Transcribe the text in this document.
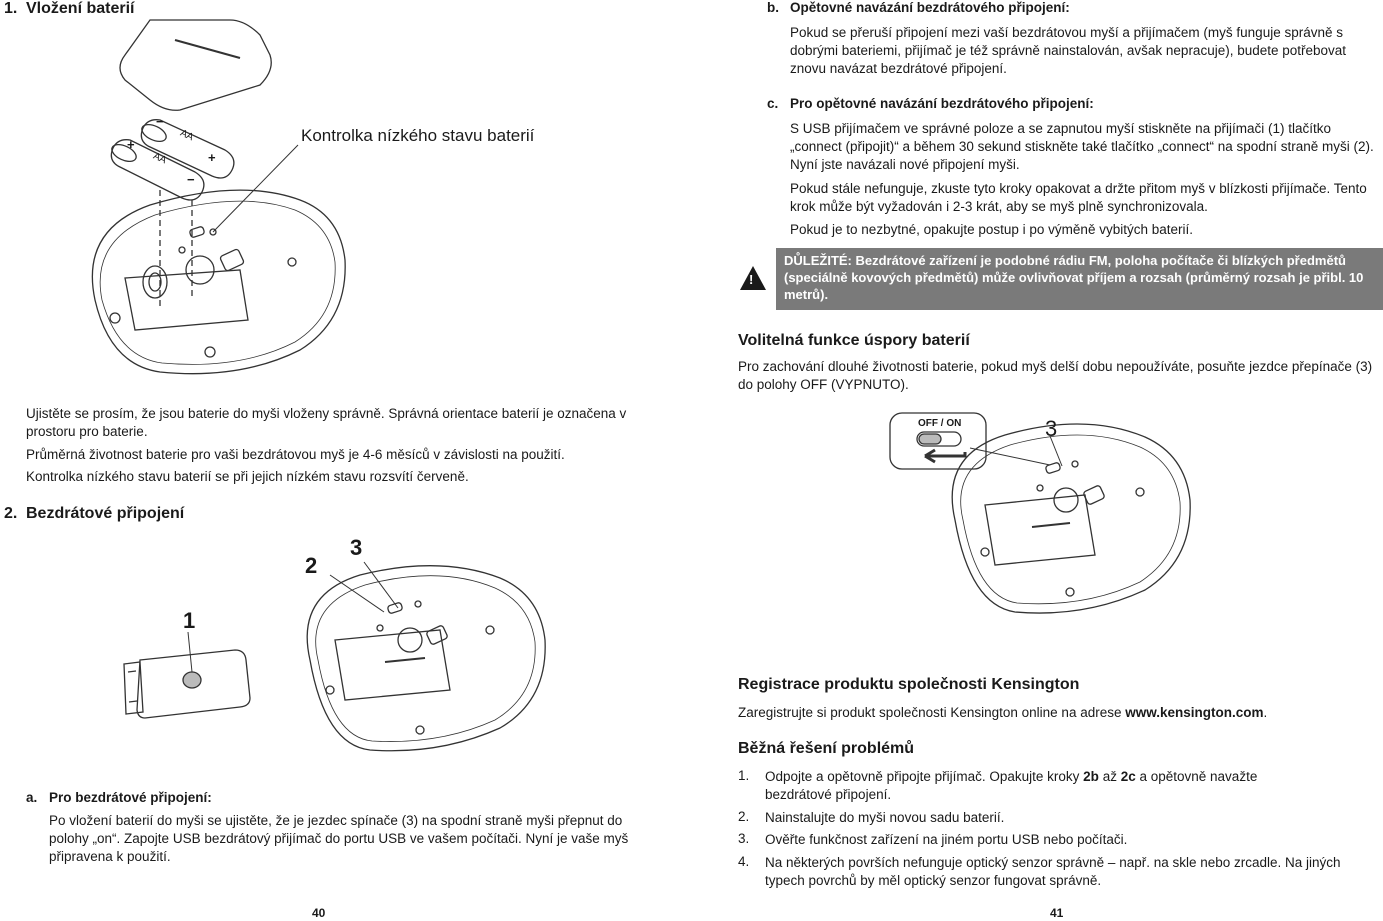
1. Vložení baterií
AA
AA	+
−
+
−
Kontrolka nízkého stavu baterií
Ujistěte se prosím, že jsou baterie do myši vloženy správně. Správná orientace baterií je označena v prostoru pro baterie.
Průměrná životnost baterie pro vaši bezdrátovou myš je 4-6 měsíců v závislosti na použití.
Kontrolka nízkého stavu baterií se při jejich nízkém stavu rozsvítí červeně.
2. Bezdrátové připojení
1
2
3
a. Pro bezdrátové připojení:
Po vložení baterií do myši se ujistěte, že je jezdec spínače (3) na spodní straně myši přepnut do polohy „on“. Zapojte USB bezdrátový přijímač do portu USB ve vašem počítači. Nyní je vaše myš připravena k použití.
40
b. Opětovné navázání bezdrátového připojení:
Pokud se přeruší připojení mezi vaší bezdrátovou myší a přijímačem (myš funguje správně s dobrými bateriemi, přijímač je též správně nainstalován, avšak nepracuje), budete potřebovat znovu navázat bezdrátové připojení.
c. Pro opětovné navázání bezdrátového připojení:
S USB přijímačem ve správné poloze a se zapnutou myší stiskněte na přijímači (1) tlačítko „connect (připojit)“ a během 30 sekund stiskněte také tlačítko „connect“ na spodní straně myši (2). Nyní jste navázali nové připojení myši.
Pokud stále nefunguje, zkuste tyto kroky opakovat a držte přitom myš v blízkosti přijímače. Tento krok může být vyžadován i 2-3 krát, aby se myš plně synchronizovala.
Pokud je to nezbytné, opakujte postup i po výměně vybitých baterií.
!
DŮLEŽITÉ: Bezdrátové zařízení je podobné rádiu FM, poloha počítače či blízkých předmětů (speciálně kovových předmětů) může ovlivňovat příjem a rozsah (průměrný rozsah je přibl. 10 metrů).
Volitelná funkce úspory baterií
Pro zachování dlouhé životnosti baterie, pokud myš delší dobu nepoužíváte, posuňte jezdce přepínače (3) do polohy OFF (VYPNUTO).
OFF / ON	3
Registrace produktu společnosti Kensington
Zaregistrujte si produkt společnosti Kensington online na adrese www.kensington.com.
Běžná řešení problémů
1. Odpojte a opětovně připojte přijímač. Opakujte kroky 2b až 2c a opětovně navažte bezdrátové připojení.
2. Nainstalujte do myši novou sadu baterií.
3. Ověřte funkčnost zařízení na jiném portu USB nebo počítači.
4. Na některých površích nefunguje optický senzor správně – např. na skle nebo zrcadle. Na jiných typech povrchů by měl optický senzor fungovat správně.
41
